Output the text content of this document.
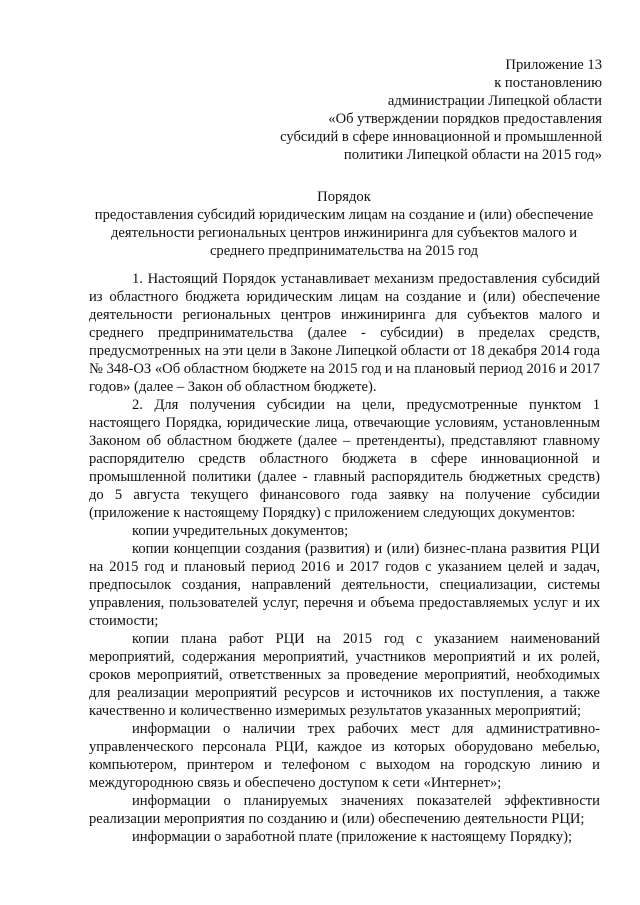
Приложение 13
к постановлению
администрации Липецкой области
«Об утверждении порядков предоставления
субсидий в сфере инновационной и промышленной
политики Липецкой области на 2015 год»
Порядок
предоставления субсидий юридическим лицам на создание и (или) обеспечение
деятельности региональных центров инжиниринга для субъектов малого и
среднего предпринимательства на 2015 год

1. Настоящий Порядок устанавливает механизм предоставления субсидий из областного бюджета юридическим лицам на создание и (или) обеспечение деятельности региональных центров инжиниринга для субъектов малого и среднего предпринимательства (далее - субсидии) в пределах средств, предусмотренных на эти цели в Законе Липецкой области от 18 декабря 2014 года № 348-ОЗ «Об областном бюджете на 2015 год и на плановый период 2016 и 2017 годов» (далее – Закон об областном бюджете).

2. Для получения субсидии на цели, предусмотренные пунктом 1 настоящего Порядка, юридические лица, отвечающие условиям, установленным Законом об областном бюджете (далее – претенденты), представляют главному распорядителю средств областного бюджета в сфере инновационной и промышленной политики (далее - главный распорядитель бюджетных средств) до 5 августа текущего финансового года заявку на получение субсидии (приложение к настоящему Порядку) с приложением следующих документов:

копии учредительных документов;

копии концепции создания (развития) и (или) бизнес-плана развития РЦИ на 2015 год и плановый период 2016 и 2017 годов с указанием целей и задач, предпосылок создания, направлений деятельности, специализации, системы управления, пользователей услуг, перечня и объема предоставляемых услуг и их стоимости;

копии плана работ РЦИ на 2015 год с указанием наименований мероприятий, содержания мероприятий, участников мероприятий и их ролей, сроков мероприятий, ответственных за проведение мероприятий, необходимых для реализации мероприятий ресурсов и источников их поступления, а также качественно и количественно измеримых результатов указанных мероприятий;

информации о наличии трех рабочих мест для административно-управленческого персонала РЦИ, каждое из которых оборудовано мебелью, компьютером, принтером и телефоном с выходом на городскую линию и междугороднюю связь и обеспечено доступом к сети «Интернет»;

информации о планируемых значениях показателей эффективности реализации мероприятия по созданию и (или) обеспечению деятельности РЦИ;

информации о заработной плате (приложение к настоящему Порядку);
